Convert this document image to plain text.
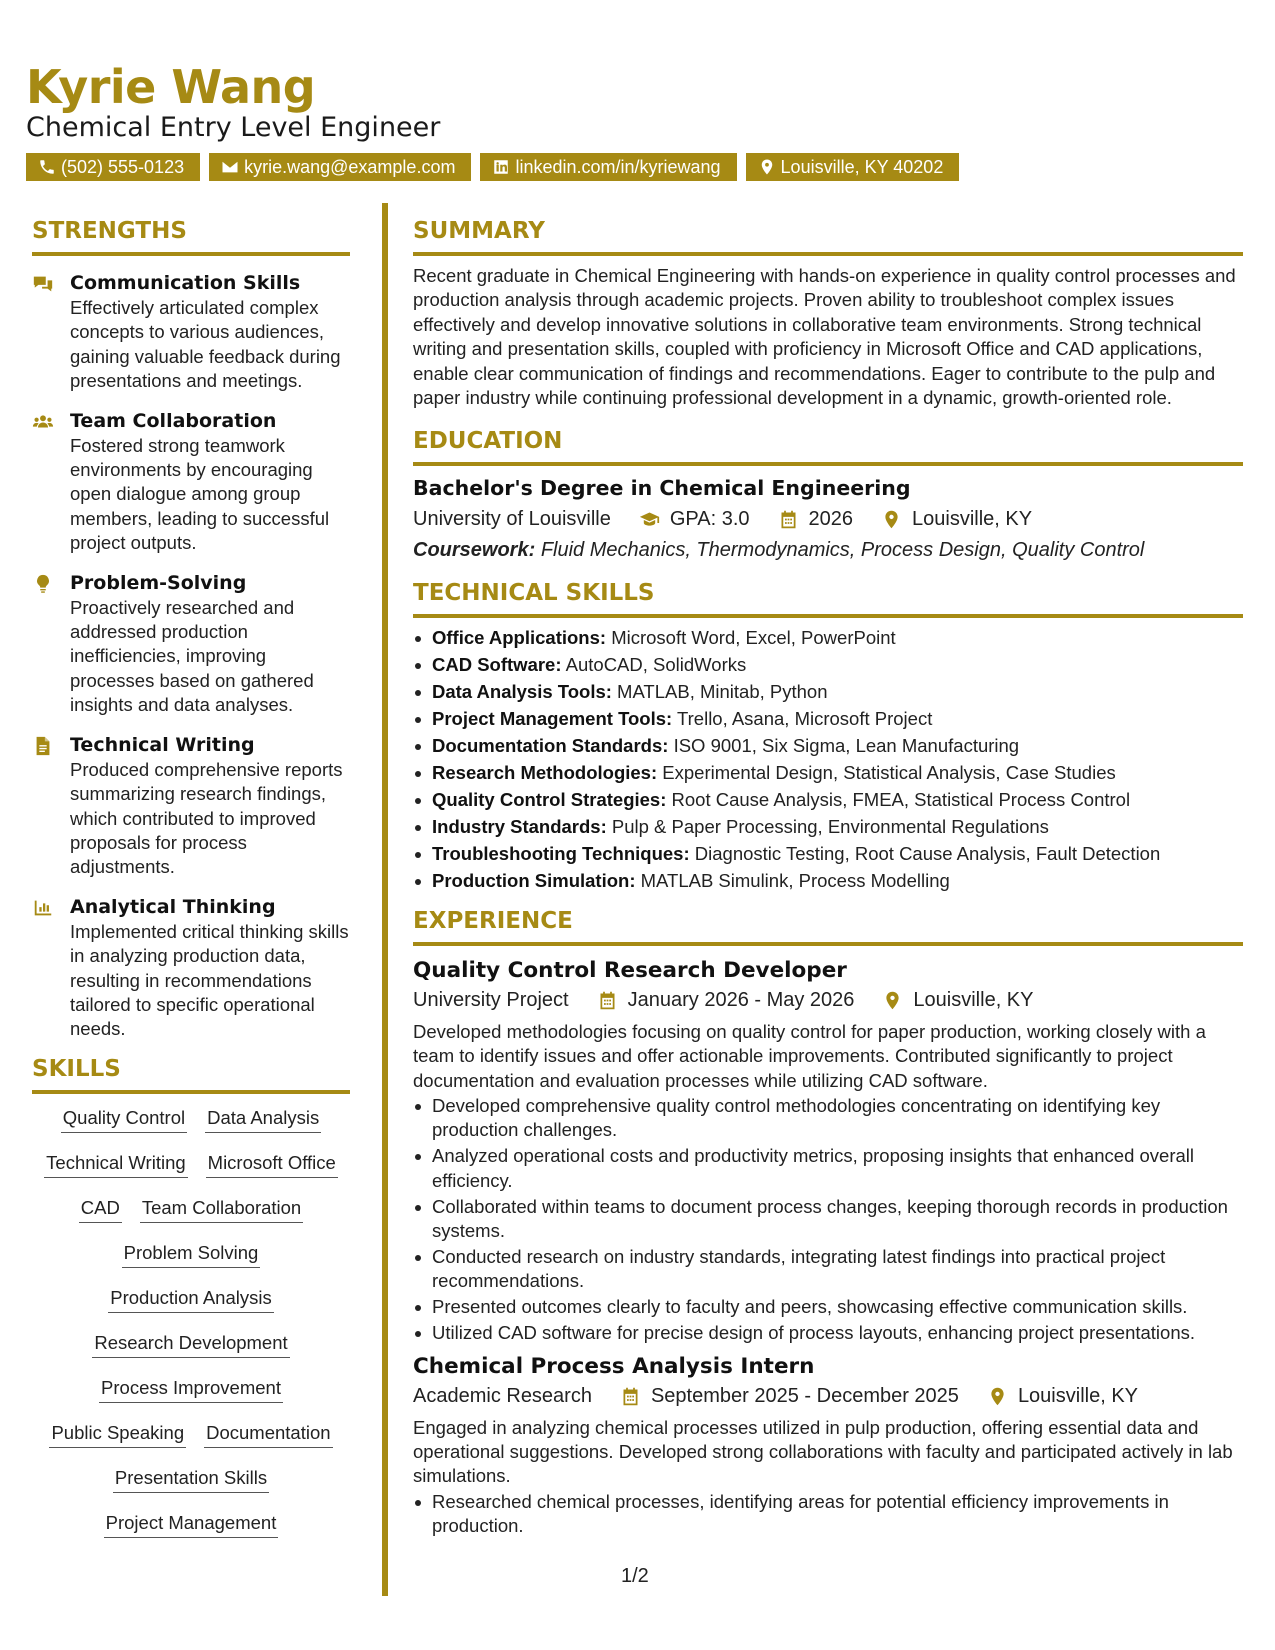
Kyrie Wang
Chemical Entry Level Engineer
(502) 555-0123	kyrie.wang@example.com	linkedin.com/in/kyriewang	Louisville, KY 40202
STRENGTHS
Communication Skills
Effectively articulated complex concepts to various audiences, gaining valuable feedback during presentations and meetings.
Team Collaboration
Fostered strong teamwork environments by encouraging open dialogue among group members, leading to successful project outputs.
Problem-Solving
Proactively researched and addressed production inefficiencies, improving processes based on gathered insights and data analyses.
Technical Writing
Produced comprehensive reports summarizing research findings, which contributed to improved proposals for process adjustments.
Analytical Thinking
Implemented critical thinking skills in analyzing production data, resulting in recommendations tailored to specific operational needs.
SKILLS
Quality Control Data Analysis
Technical Writing Microsoft Office
CAD Team Collaboration
Problem Solving
Production Analysis
Research Development
Process Improvement
Public Speaking Documentation
Presentation Skills
Project Management
SUMMARY
Recent graduate in Chemical Engineering with hands-on experience in quality control processes and production analysis through academic projects. Proven ability to troubleshoot complex issues effectively and develop innovative solutions in collaborative team environments. Strong technical writing and presentation skills, coupled with proficiency in Microsoft Office and CAD applications, enable clear communication of findings and recommendations. Eager to contribute to the pulp and paper industry while continuing professional development in a dynamic, growth-oriented role.
EDUCATION
Bachelor's Degree in Chemical Engineering
University of Louisville	GPA: 3.0	2026	Louisville, KY
Coursework: Fluid Mechanics, Thermodynamics, Process Design, Quality Control
TECHNICAL SKILLS
Office Applications: Microsoft Word, Excel, PowerPoint
CAD Software: AutoCAD, SolidWorks
Data Analysis Tools: MATLAB, Minitab, Python
Project Management Tools: Trello, Asana, Microsoft Project
Documentation Standards: ISO 9001, Six Sigma, Lean Manufacturing
Research Methodologies: Experimental Design, Statistical Analysis, Case Studies
Quality Control Strategies: Root Cause Analysis, FMEA, Statistical Process Control
Industry Standards: Pulp & Paper Processing, Environmental Regulations
Troubleshooting Techniques: Diagnostic Testing, Root Cause Analysis, Fault Detection
Production Simulation: MATLAB Simulink, Process Modelling
EXPERIENCE
Quality Control Research Developer
University Project	January 2026 - May 2026	Louisville, KY
Developed methodologies focusing on quality control for paper production, working closely with a team to identify issues and offer actionable improvements. Contributed significantly to project documentation and evaluation processes while utilizing CAD software.
Developed comprehensive quality control methodologies concentrating on identifying key production challenges.
Analyzed operational costs and productivity metrics, proposing insights that enhanced overall efficiency.
Collaborated within teams to document process changes, keeping thorough records in production systems.
Conducted research on industry standards, integrating latest findings into practical project recommendations.
Presented outcomes clearly to faculty and peers, showcasing effective communication skills.
Utilized CAD software for precise design of process layouts, enhancing project presentations.
Chemical Process Analysis Intern
Academic Research	September 2025 - December 2025	Louisville, KY
Engaged in analyzing chemical processes utilized in pulp production, offering essential data and operational suggestions. Developed strong collaborations with faculty and participated actively in lab simulations.
Researched chemical processes, identifying areas for potential efficiency improvements in production.
1/2
